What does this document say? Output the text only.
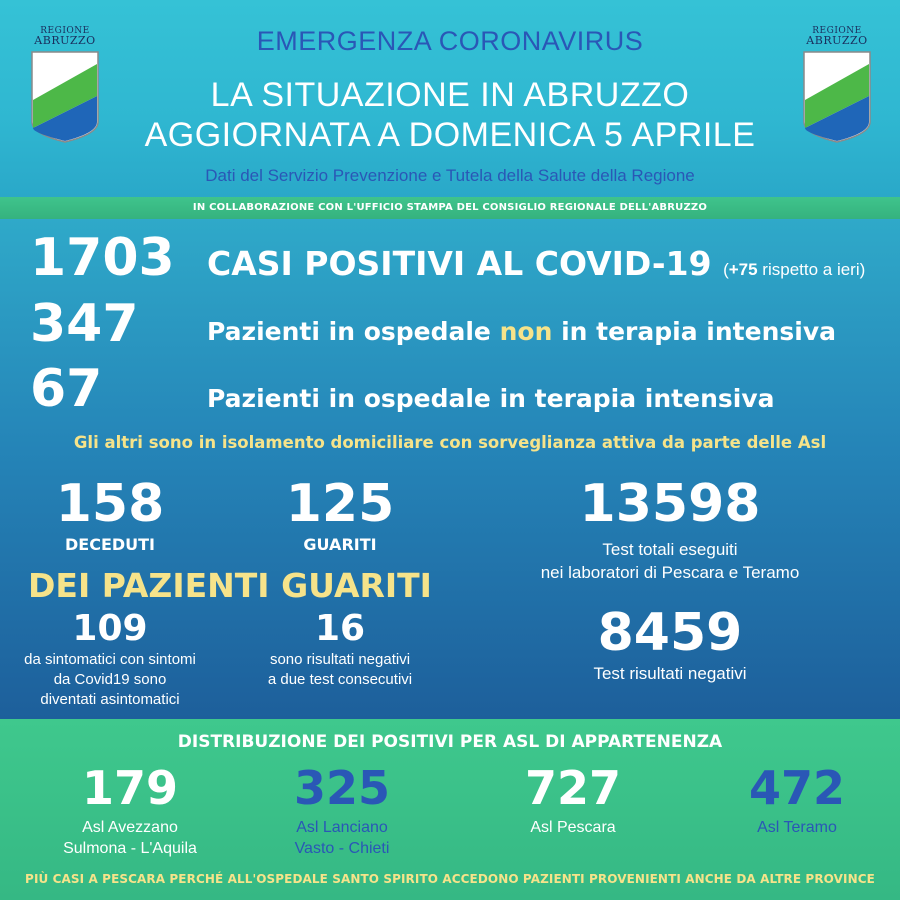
REGIONE
ABRUZZO
REGIONE
ABRUZZO
EMERGENZA CORONAVIRUS
LA SITUAZIONE IN ABRUZZO
AGGIORNATA A DOMENICA 5 APRILE
Dati del Servizio Prevenzione e Tutela della Salute della Regione
IN COLLABORAZIONE CON L'UFFICIO STAMPA DEL CONSIGLIO REGIONALE DELL'ABRUZZO
1703 CASI POSITIVI AL COVID-19 (+75 rispetto a ieri)
347	Pazienti in ospedale non in terapia intensiva
67	Pazienti in ospedale in terapia intensiva
Gli altri sono in isolamento domiciliare con sorveglianza attiva da parte delle Asl
158
DECEDUTI
125
GUARITI
DEI PAZIENTI GUARITI
109
da sintomatici con sintomi
da Covid19 sono
diventati asintomatici
16
sono risultati negativi
a due test consecutivi
13598
Test totali eseguiti
nei laboratori di Pescara e Teramo
8459
Test risultati negativi
DISTRIBUZIONE DEI POSITIVI PER ASL DI APPARTENENZA
179
Asl Avezzano
Sulmona - L'Aquila
325
Asl Lanciano
Vasto - Chieti
727
Asl Pescara
472
Asl Teramo
PIÙ CASI A PESCARA PERCHÉ ALL'OSPEDALE SANTO SPIRITO ACCEDONO PAZIENTI PROVENIENTI ANCHE DA ALTRE PROVINCE
